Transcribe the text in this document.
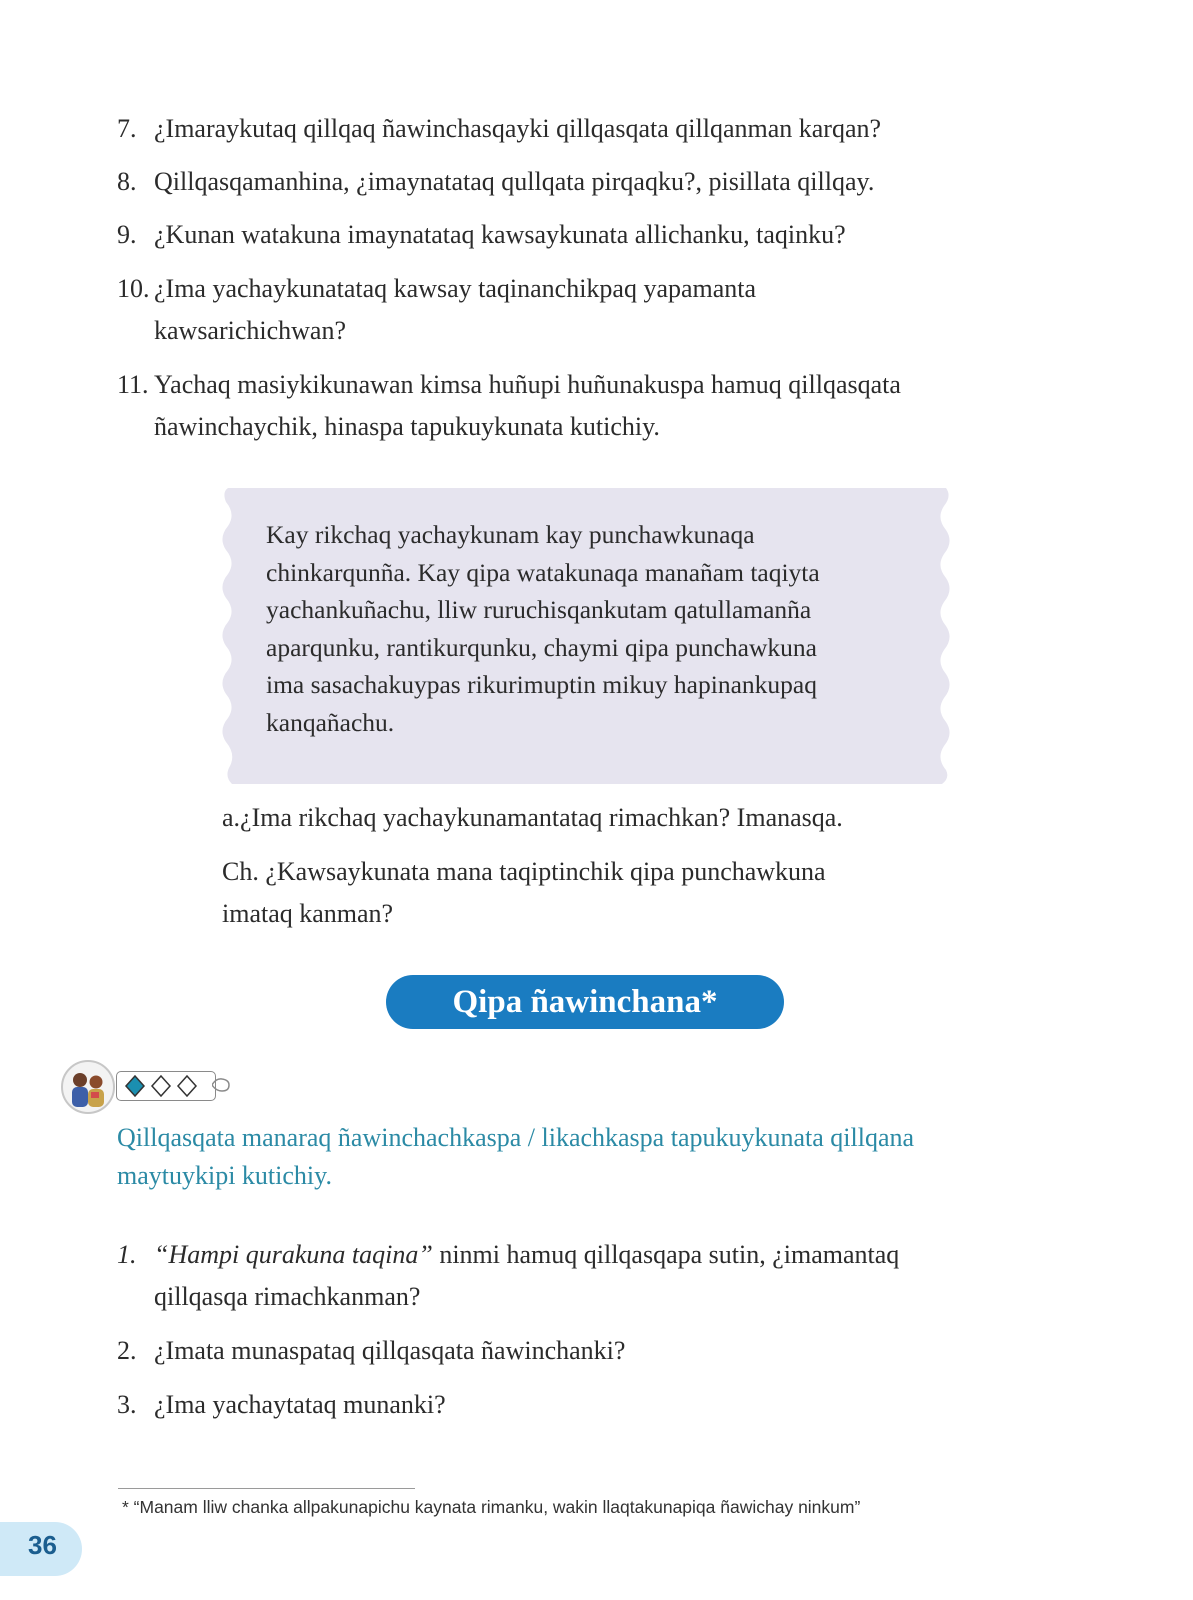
7. ¿Imaraykutaq qillqaq ñawinchasqayki qillqasqata qillqanman karqan?
8. Qillqasqamanhina, ¿imaynatataq qullqata pirqaqku?, pisillata qillqay.
9. ¿Kunan watakuna imaynatataq kawsaykunata allichanku, taqinku?
10. ¿Ima yachaykunatataq kawsay taqinanchikpaq yapamanta
kawsarichichwan?
11. Yachaq masiykikunawan kimsa huñupi huñunakuspa hamuq qillqasqata
ñawinchaychik, hinaspa tapukuykunata kutichiy.
Kay rikchaq yachaykunam kay punchawkunaqa
chinkarqunña. Kay qipa watakunaqa manañam taqiyta
yachankuñachu, lliw ruruchisqankutam qatullamanña
aparqunku, rantikurqunku, chaymi qipa punchawkuna
ima sasachakuypas rikurimuptin mikuy hapinankupaq
kanqañachu.
a.¿Ima rikchaq yachaykunamantataq rimachkan? Imanasqa.
Ch. ¿Kawsaykunata mana taqiptinchik qipa punchawkuna
imataq kanman?
Qipa ñawinchana*
Qillqasqata manaraq ñawinchachkaspa / likachkaspa tapukuykunata qillqana
maytuykipi kutichiy.
1. “Hampi qurakuna taqina” ninmi hamuq qillqasqapa sutin, ¿imamantaq
qillqasqa rimachkanman?
2. ¿Imata munaspataq qillqasqata ñawinchanki?
3. ¿Ima yachaytataq munanki?
* “Manam lliw chanka allpakunapichu kaynata rimanku, wakin llaqtakunapiqa ñawichay ninkum”
36
